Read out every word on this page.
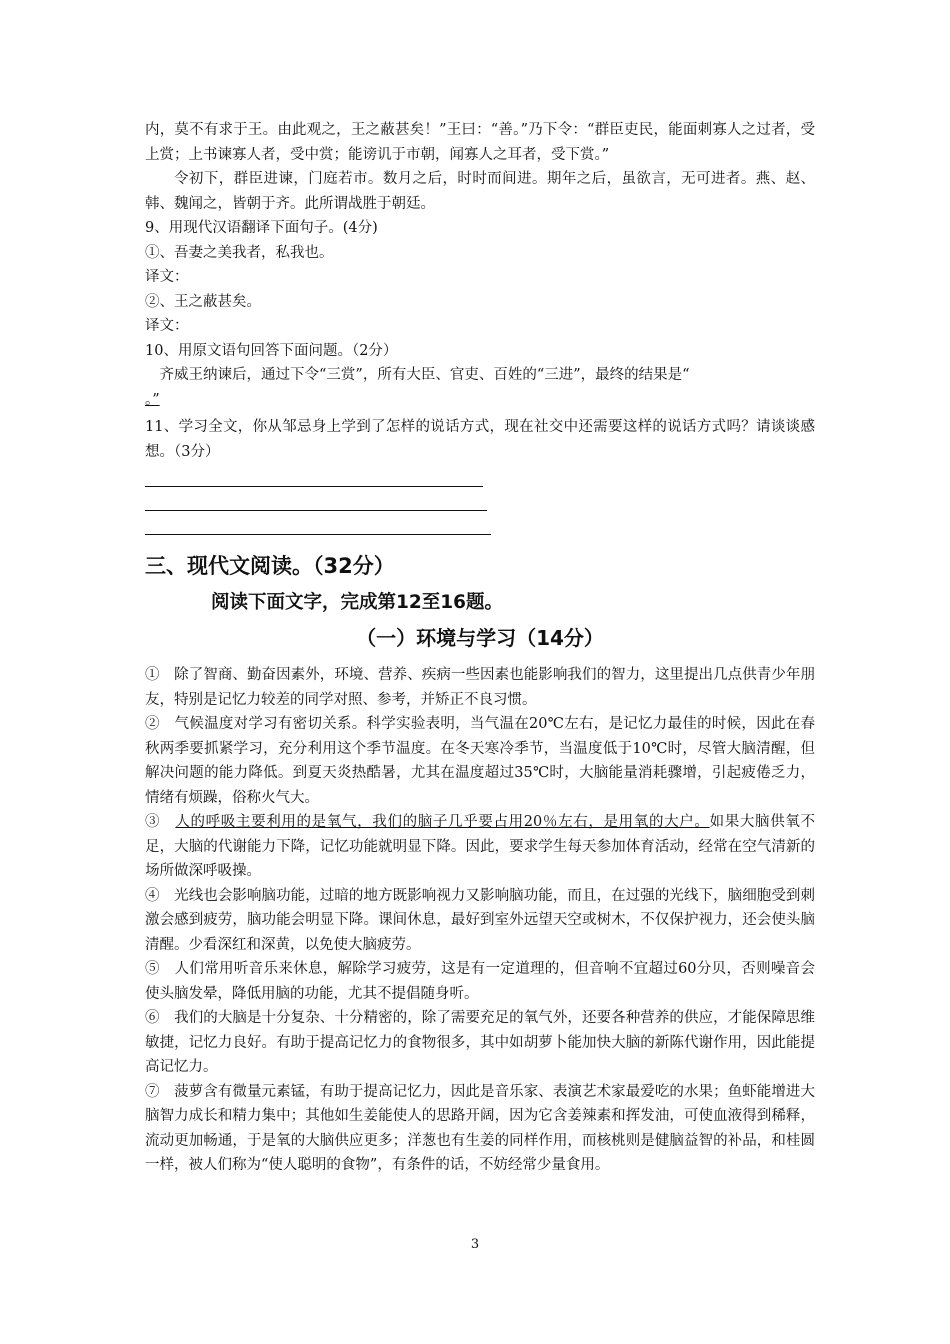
内，莫不有求于王。由此观之，王之蔽甚矣！”王曰：“善。”乃下令：“群臣吏民，能面刺寡人之过者，受上赏；上书谏寡人者，受中赏；能谤讥于市朝，闻寡人之耳者，受下赏。”

令初下，群臣进谏，门庭若市。数月之后，时时而间进。期年之后，虽欲言，无可进者。燕、赵、韩、魏闻之，皆朝于齐。此所谓战胜于朝廷。

9、用现代汉语翻译下面句子。(4分)

①、吾妻之美我者，私我也。

译文：

②、王之蔽甚矣。

译文：

10、用原文语句回答下面问题。（2分）

齐威王纳谏后，通过下令“三赏”，所有大臣、官吏、百姓的“三进”，最终的结果是“

。”

11、学习全文，你从邹忌身上学到了怎样的说话方式，现在社交中还需要这样的说话方式吗？请谈谈感想。（3分）

三、现代文阅读。（32分）

阅读下面文字，完成第12至16题。

（一）环境与学习（14分）

①　除了智商、勤奋因素外，环境、营养、疾病一些因素也能影响我们的智力，这里提出几点供青少年朋友，特别是记忆力较差的同学对照、参考，并矫正不良习惯。

②　气候温度对学习有密切关系。科学实验表明，当气温在20℃左右，是记忆力最佳的时候，因此在春秋两季要抓紧学习，充分利用这个季节温度。在冬天寒冷季节，当温度低于10℃时，尽管大脑清醒，但解决问题的能力降低。到夏天炎热酷暑，尤其在温度超过35℃时，大脑能量消耗骤增，引起疲倦乏力，情绪有烦躁，俗称火气大。

③　人的呼吸主要利用的是氧气，我们的脑子几乎要占用20％左右，是用氧的大户。如果大脑供氧不足，大脑的代谢能力下降，记忆功能就明显下降。因此，要求学生每天参加体育活动，经常在空气清新的场所做深呼吸操。

④　光线也会影响脑功能，过暗的地方既影响视力又影响脑功能，而且，在过强的光线下，脑细胞受到刺激会感到疲劳，脑功能会明显下降。课间休息，最好到室外远望天空或树木，不仅保护视力，还会使头脑清醒。少看深红和深黄，以免使大脑疲劳。

⑤　人们常用听音乐来休息，解除学习疲劳，这是有一定道理的，但音响不宜超过60分贝，否则噪音会使头脑发晕，降低用脑的功能，尤其不提倡随身听。

⑥　我们的大脑是十分复杂、十分精密的，除了需要充足的氧气外，还要各种营养的供应，才能保障思维敏捷，记忆力良好。有助于提高记忆力的食物很多，其中如胡萝卜能加快大脑的新陈代谢作用，因此能提高记忆力。

⑦　菠萝含有微量元素锰，有助于提高记忆力，因此是音乐家、表演艺术家最爱吃的水果；鱼虾能增进大脑智力成长和精力集中；其他如生姜能使人的思路开阔，因为它含姜辣素和挥发油，可使血液得到稀释，流动更加畅通，于是氧的大脑供应更多；洋葱也有生姜的同样作用，而核桃则是健脑益智的补品，和桂圆一样，被人们称为“使人聪明的食物”，有条件的话，不妨经常少量食用。

3
